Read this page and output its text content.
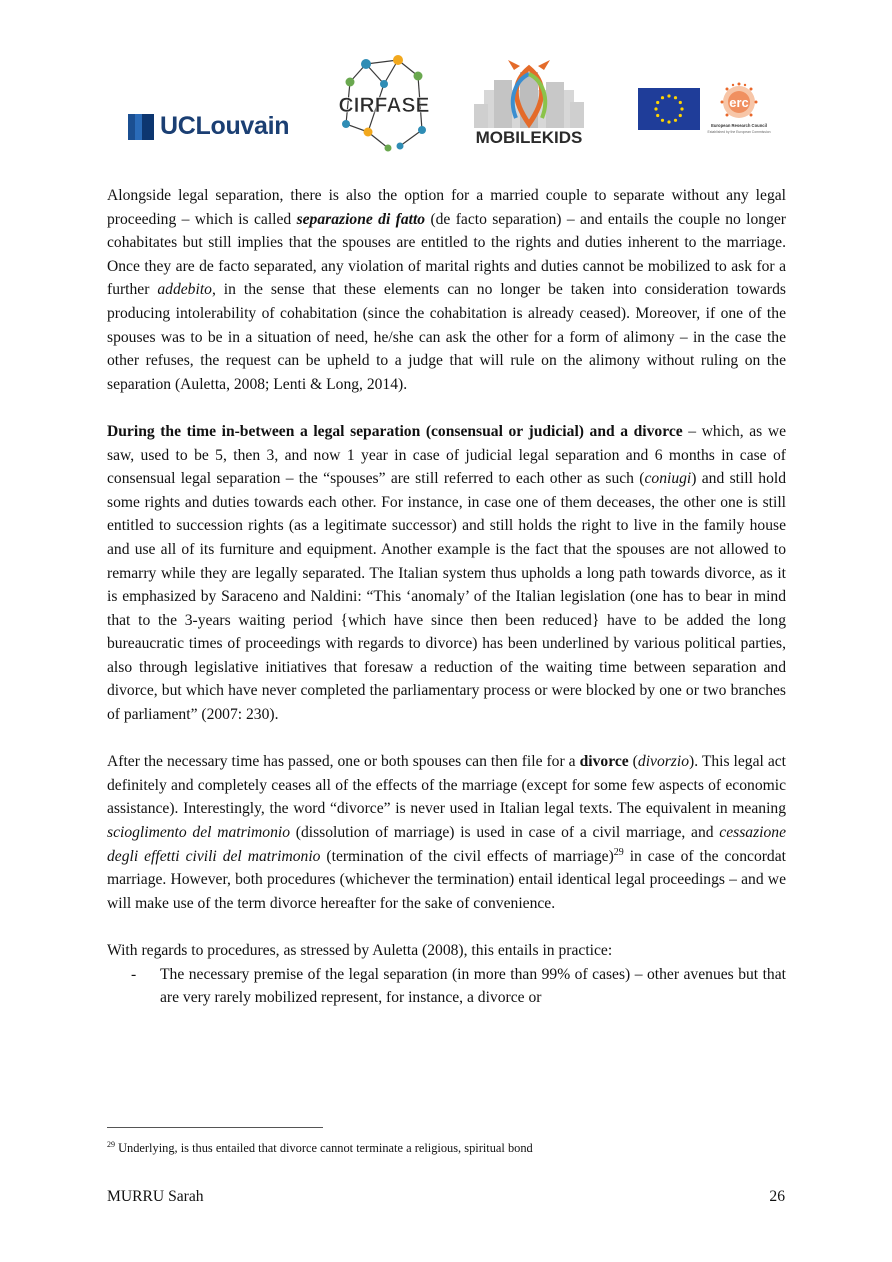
UCLouvain
CIRFASE
MOBILEKIDS
erc
European Research Council
Established by the European Commission

Alongside legal separation, there is also the option for a married couple to separate without any legal proceeding – which is called separazione di fatto (de facto separation) – and entails the couple no longer cohabitates but still implies that the spouses are entitled to the rights and duties inherent to the marriage. Once they are de facto separated, any violation of marital rights and duties cannot be mobilized to ask for a further addebito, in the sense that these elements can no longer be taken into consideration towards producing intolerability of cohabitation (since the cohabitation is already ceased). Moreover, if one of the spouses was to be in a situation of need, he/she can ask the other for a form of alimony – in the case the other refuses, the request can be upheld to a judge that will rule on the alimony without ruling on the separation (Auletta, 2008; Lenti & Long, 2014).

During the time in-between a legal separation (consensual or judicial) and a divorce – which, as we saw, used to be 5, then 3, and now 1 year in case of judicial legal separation and 6 months in case of consensual legal separation – the “spouses” are still referred to each other as such (coniugi) and still hold some rights and duties towards each other. For instance, in case one of them deceases, the other one is still entitled to succession rights (as a legitimate successor) and still holds the right to live in the family house and use all of its furniture and equipment. Another example is the fact that the spouses are not allowed to remarry while they are legally separated. The Italian system thus upholds a long path towards divorce, as it is emphasized by Saraceno and Naldini: “This ‘anomaly’ of the Italian legislation (one has to bear in mind that to the 3-years waiting period {which have since then been reduced} have to be added the long bureaucratic times of proceedings with regards to divorce) has been underlined by various political parties, also through legislative initiatives that foresaw a reduction of the waiting time between separation and divorce, but which have never completed the parliamentary process or were blocked by one or two branches of parliament” (2007: 230).

After the necessary time has passed, one or both spouses can then file for a divorce (divorzio). This legal act definitely and completely ceases all of the effects of the marriage (except for some few aspects of economic assistance). Interestingly, the word “divorce” is never used in Italian legal texts. The equivalent in meaning scioglimento del matrimonio (dissolution of marriage) is used in case of a civil marriage, and cessazione degli effetti civili del matrimonio (termination of the civil effects of marriage)$^{29}$ in case of the concordat marriage. However, both procedures (whichever the termination) entail identical legal proceedings – and we will make use of the term divorce hereafter for the sake of convenience.

With regards to procedures, as stressed by Auletta (2008), this entails in practice:

- The necessary premise of the legal separation (in more than 99% of cases) – other avenues but that are very rarely mobilized represent, for instance, a divorce or
$^{29}$ Underlying, is thus entailed that divorce cannot terminate a religious, spiritual bond
MURRU Sarah	26
